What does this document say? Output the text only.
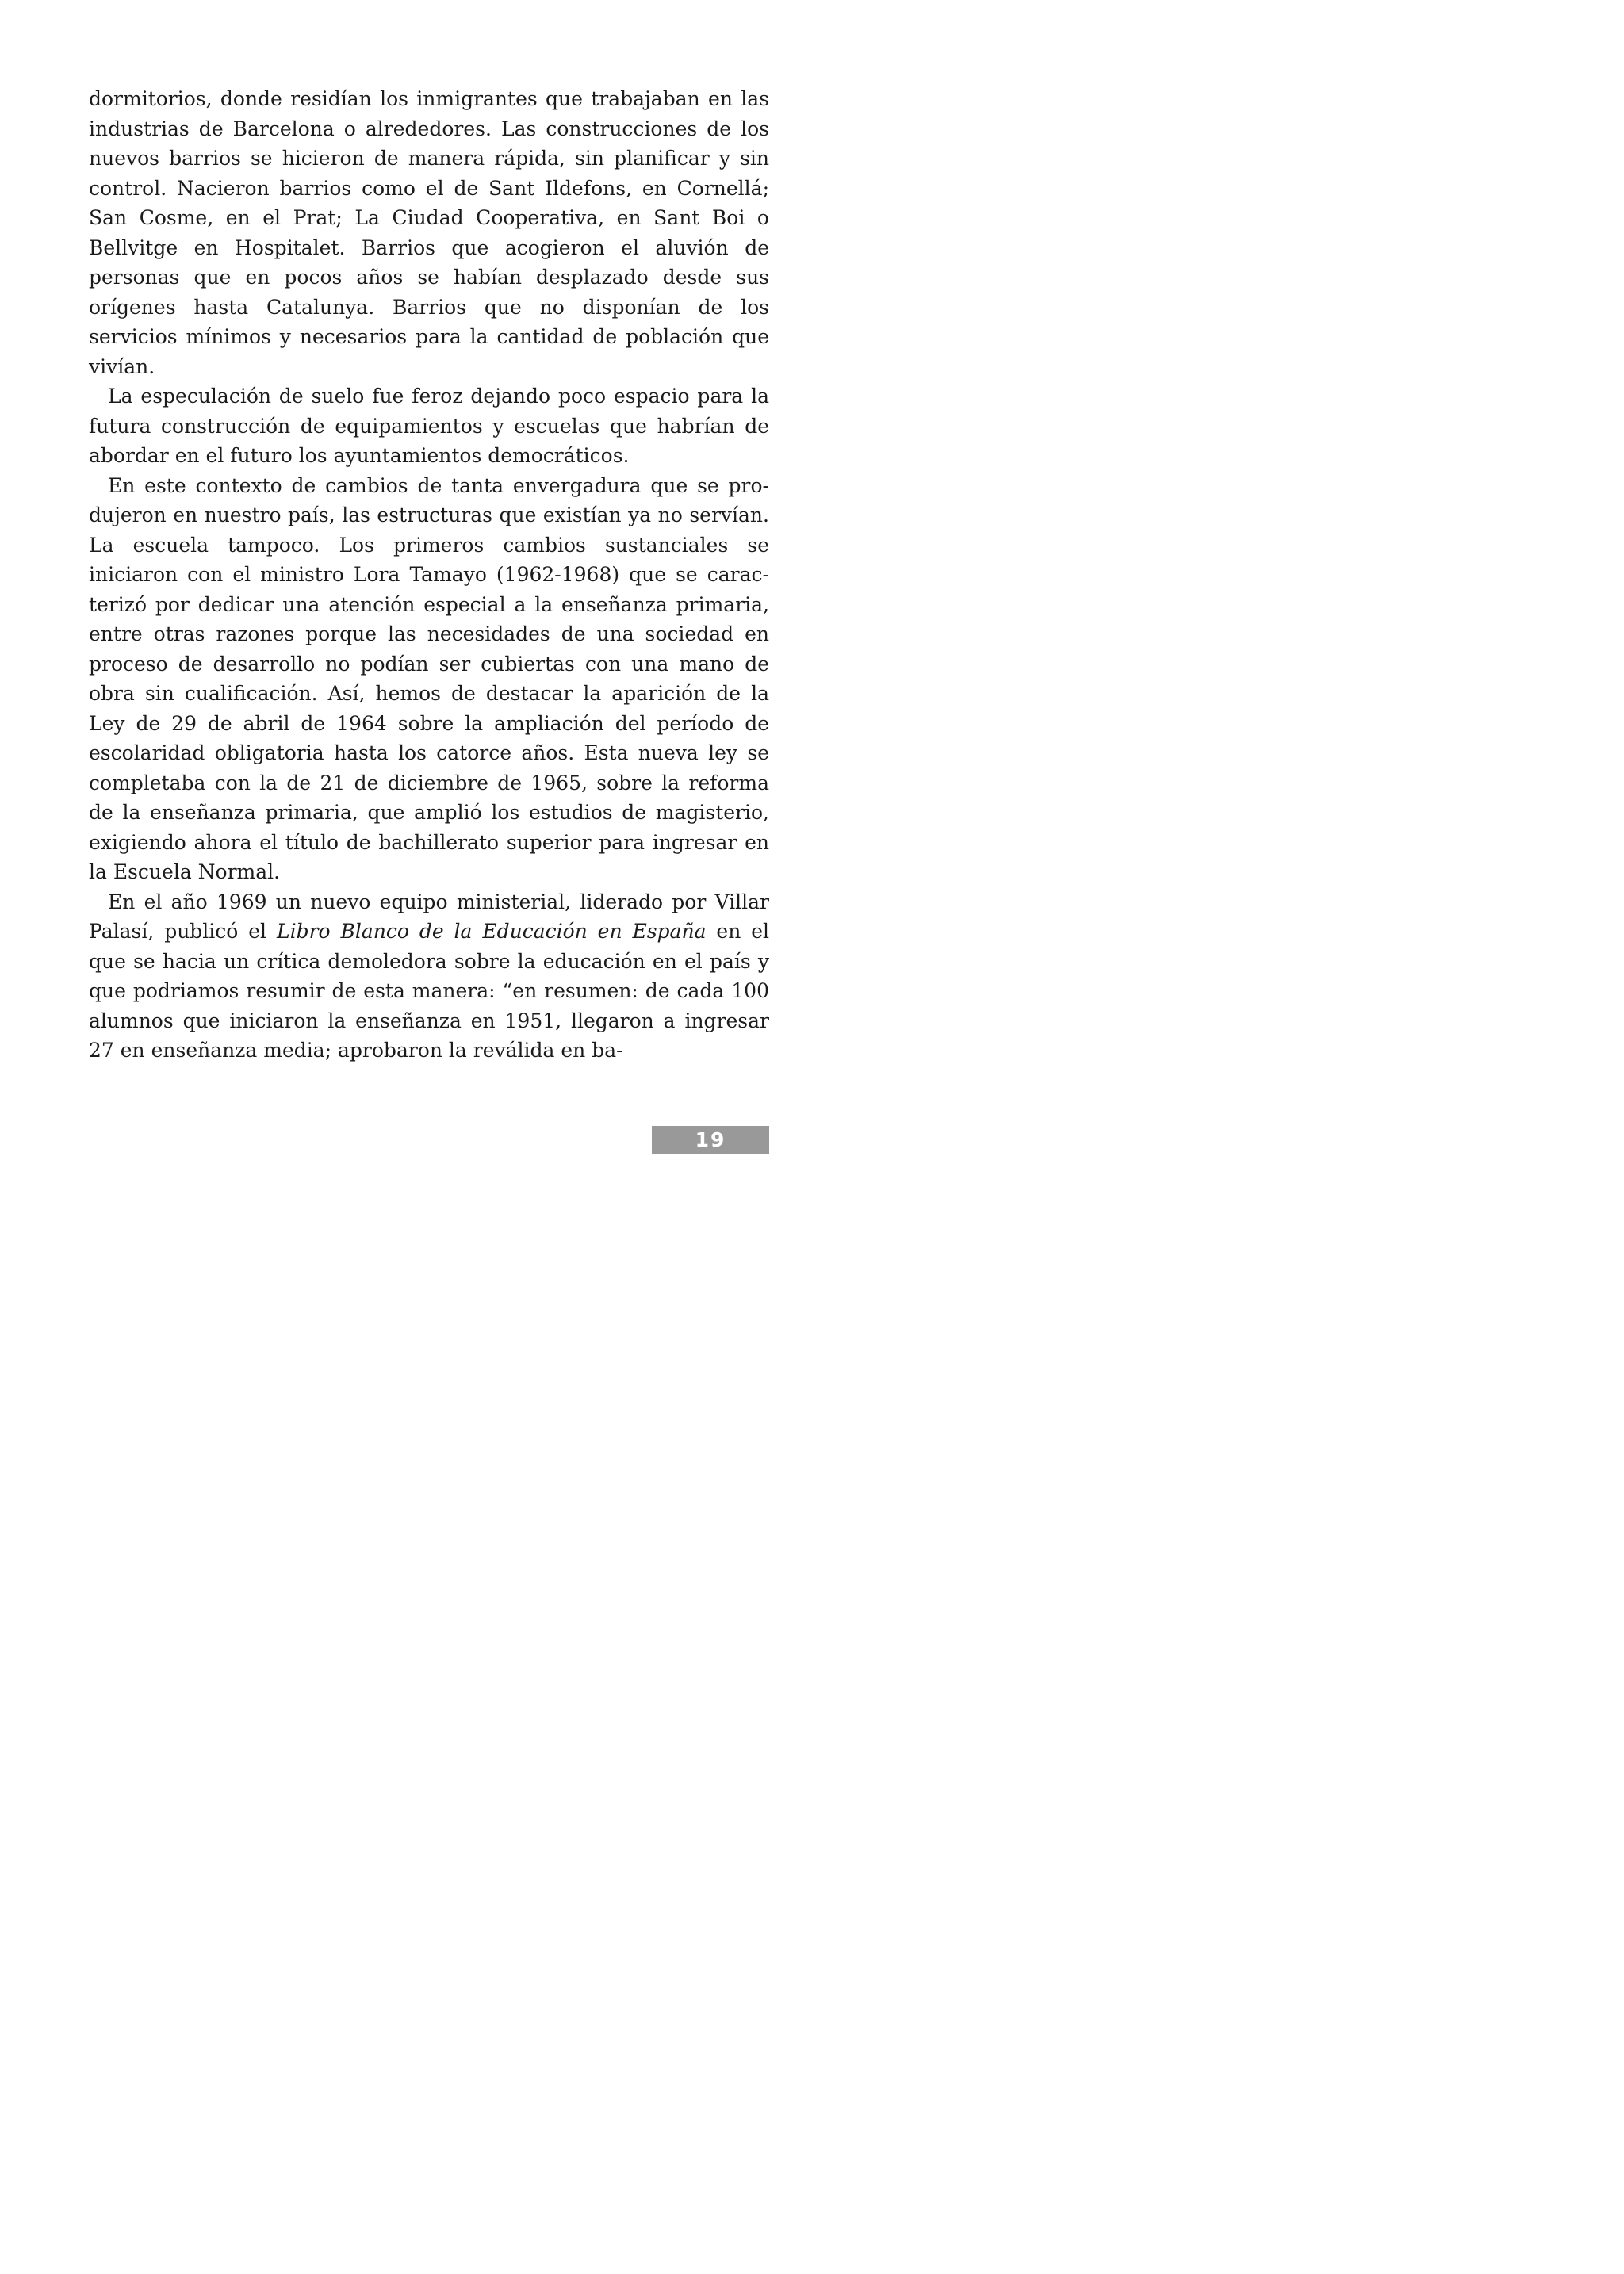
dormitorios, donde residían los inmigrantes que trabajaban en las industrias de Barcelona o alrededores. Las construcciones de los nuevos barrios se hicieron de manera rápida, sin planificar y sin control. Nacieron barrios como el de Sant Ildefons, en Cornellá; San Cosme, en el Prat; La Ciudad Cooperativa, en Sant Boi o Bellvitge en Hospitalet. Barrios que acogieron el aluvión de personas que en pocos años se habían desplazado desde sus orígenes hasta Catalunya. Barrios que no disponían de los servicios mínimos y necesarios para la cantidad de población que vivían.

La especulación de suelo fue feroz dejando poco espacio para la futura construcción de equipamientos y escuelas que habrían de abordar en el futuro los ayuntamientos democráticos.

En este contexto de cambios de tanta envergadura que se produjeron en nuestro país, las estructuras que existían ya no servían. La escuela tampoco. Los primeros cambios sustanciales se iniciaron con el ministro Lora Tamayo (1962-1968) que se caracterizó por dedicar una atención especial a la enseñanza primaria, entre otras razones porque las necesidades de una sociedad en proceso de desarrollo no podían ser cubiertas con una mano de obra sin cualificación. Así, hemos de destacar la aparición de la Ley de 29 de abril de 1964 sobre la ampliación del período de escolaridad obligatoria hasta los catorce años. Esta nueva ley se completaba con la de 21 de diciembre de 1965, sobre la reforma de la enseñanza primaria, que amplió los estudios de magisterio, exigiendo ahora el título de bachillerato superior para ingresar en la Escuela Normal.

En el año 1969 un nuevo equipo ministerial, liderado por Villar Palasí, publicó el Libro Blanco de la Educación en España en el que se hacia un crítica demoledora sobre la educación en el país y que podriamos resumir de esta manera: “en resumen: de cada 100 alumnos que iniciaron la enseñanza en 1951, llegaron a ingresar 27 en enseñanza media; aprobaron la reválida en ba-

19
